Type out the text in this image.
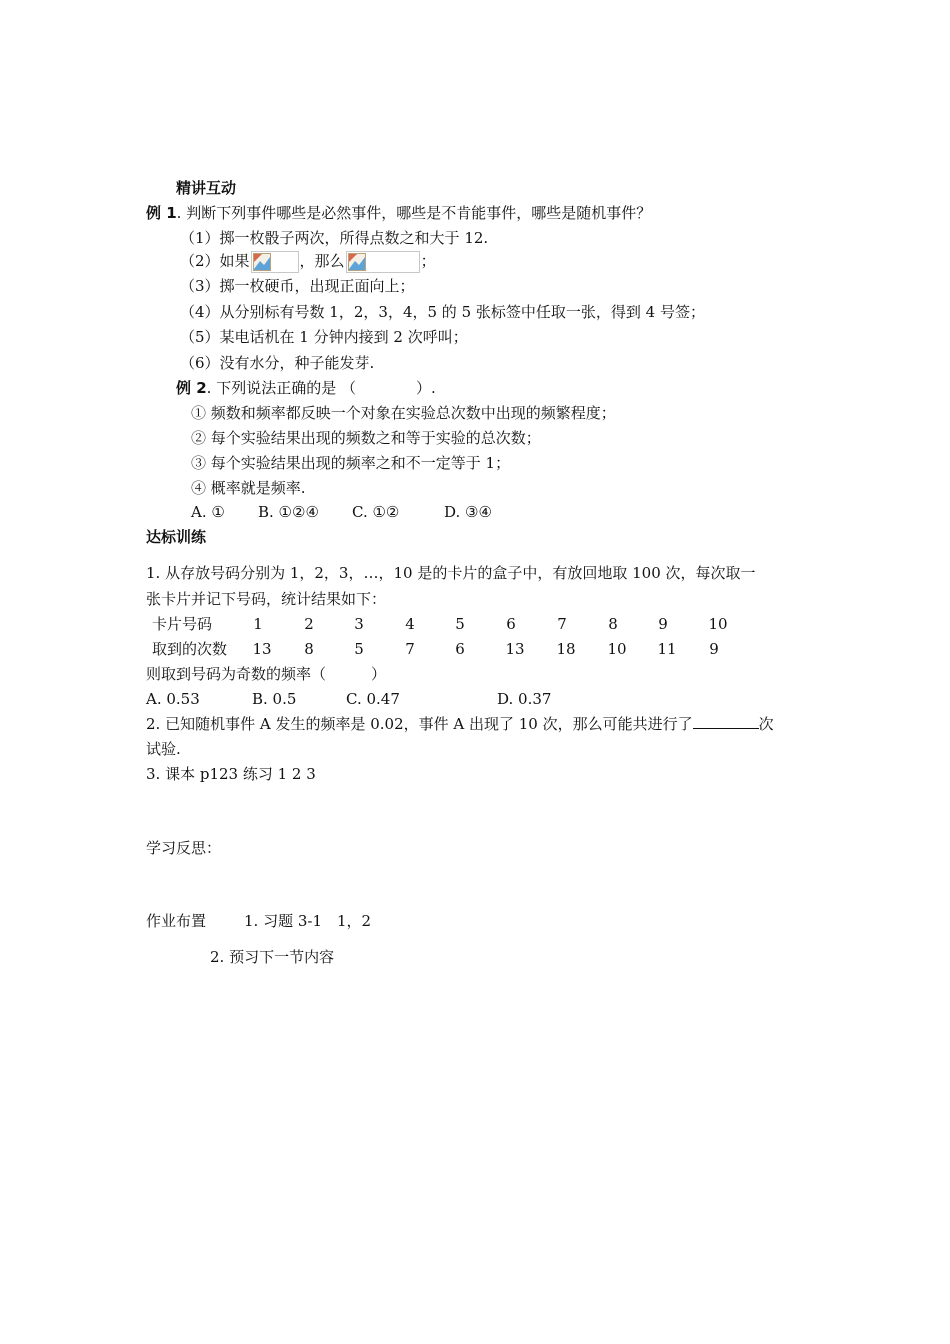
精讲互动
例 1. 判断下列事件哪些是必然事件，哪些是不肯能事件，哪些是随机事件？
（1）掷一枚骰子两次，所得点数之和大于 12.
（2）如果	，那么	；
（3）掷一枚硬币，出现正面向上；
（4）从分别标有号数 1，2，3，4，5 的 5 张标签中任取一张，得到 4 号签；
（5）某电话机在 1 分钟内接到 2 次呼叫；
（6）没有水分，种子能发芽.
例 2. 下列说法正确的是 （　　　　）.
① 频数和频率都反映一个对象在实验总次数中出现的频繁程度；
② 每个实验结果出现的频数之和等于实验的总次数；
③ 每个实验结果出现的频率之和不一定等于 1；
④ 概率就是频率.
A. ① B. ①②④ C. ①②	D. ③④
达标训练
1. 从存放号码分别为 1，2，3，…，10 是的卡片的盒子中，有放回地取 100 次，每次取一
张卡片并记下号码，统计结果如下：
卡片号码	1	2	3	4	5	6	7	8	9	10
取到的次数	13	8	5	7	6	13	18	10	11	9
则取到号码为奇数的频率（　　　）
A. 0.53	B. 0.5	C. 0.47	D. 0.37
2. 已知随机事件 A 发生的频率是 0.02，事件 A 出现了 10 次，那么可能共进行了	次
试验.
3. 课本 p123 练习 1 2 3
学习反思：
作业布置	1. 习题 3-1　1，2
2. 预习下一节内容
